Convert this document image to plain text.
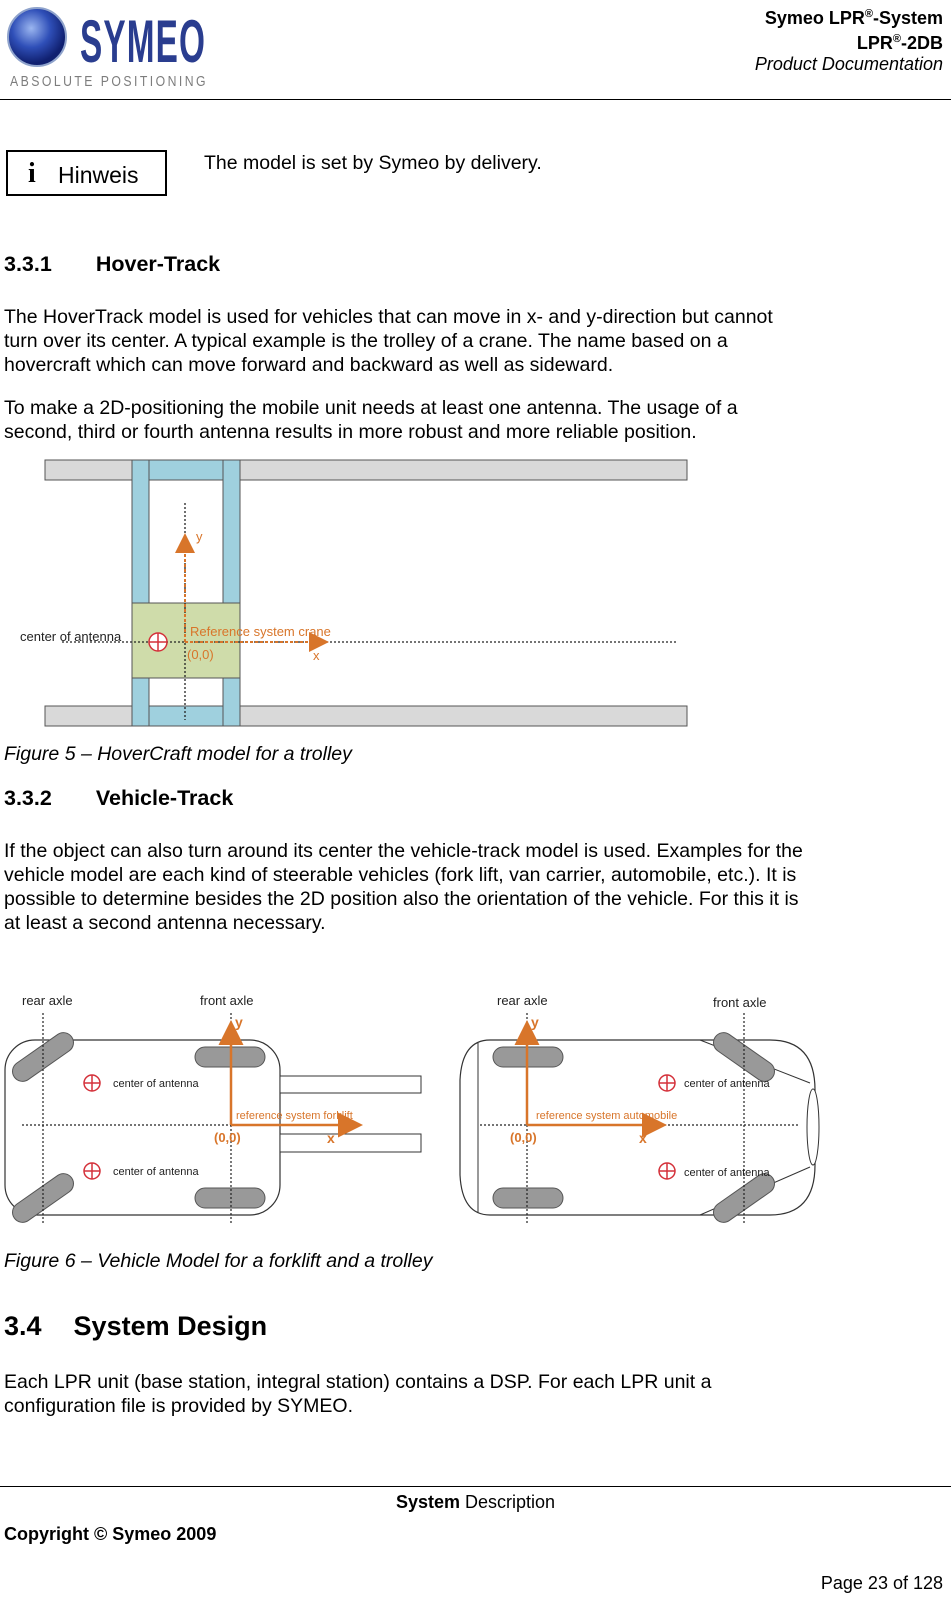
SYMEO
ABSOLUTE POSITIONING
Symeo LPR®-System
LPR®-2DB
Product Documentation
i Hinweis	The model is set by Symeo by delivery.
3.3.1 Hover-Track
The HoverTrack model is used for vehicles that can move in x- and y-direction but cannot
turn over its center. A typical example is the trolley of a crane. The name based on a
hovercraft which can move forward and backward as well as sideward.
To make a 2D-positioning the mobile unit needs at least one antenna. The usage of a
second, third or fourth antenna results in more robust and more reliable position.
y
x
center of antenna	Reference system crane
(0,0)
Figure 5 – HoverCraft model for a trolley
3.3.2 Vehicle-Track
If the object can also turn around its center the vehicle-track model is used. Examples for the
vehicle model are each kind of steerable vehicles (fork lift, van carrier, automobile, etc.). It is
possible to determine besides the 2D position also the orientation of the vehicle. For this it is
at least a second antenna necessary.
rear axle	front axle
y
x
center of antenna
center of antenna
reference system forklift
(0,0)
rear axle	front axle
y
x
center of antenna
center of antenna
reference system automobile
(0,0)
Figure 6 – Vehicle Model for a forklift and a trolley
3.4 System Design
Each LPR unit (base station, integral station) contains a DSP. For each LPR unit a
configuration file is provided by SYMEO.
System Description
Copyright © Symeo 2009
Page 23 of 128
